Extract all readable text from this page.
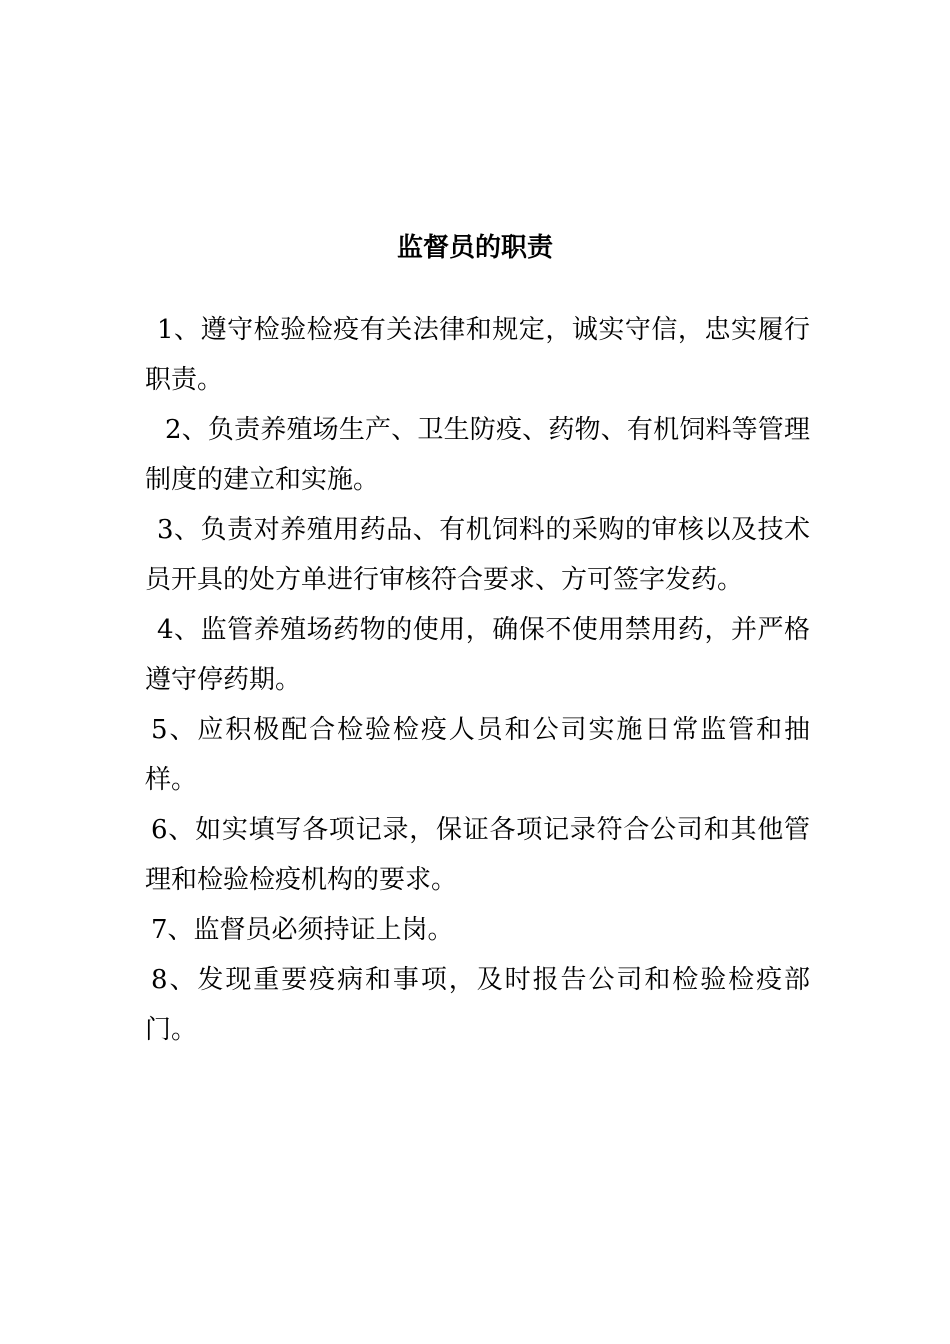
监督员的职责

1、遵守检验检疫有关法律和规定，诚实守信，忠实履行职责。

2、负责养殖场生产、卫生防疫、药物、有机饲料等管理制度的建立和实施。

3、负责对养殖用药品、有机饲料的采购的审核以及技术员开具的处方单进行审核符合要求、方可签字发药。

4、监管养殖场药物的使用，确保不使用禁用药，并严格遵守停药期。

5、应积极配合检验检疫人员和公司实施日常监管和抽样。

6、如实填写各项记录，保证各项记录符合公司和其他管理和检验检疫机构的要求。

7、监督员必须持证上岗。

8、发现重要疫病和事项，及时报告公司和检验检疫部门。
